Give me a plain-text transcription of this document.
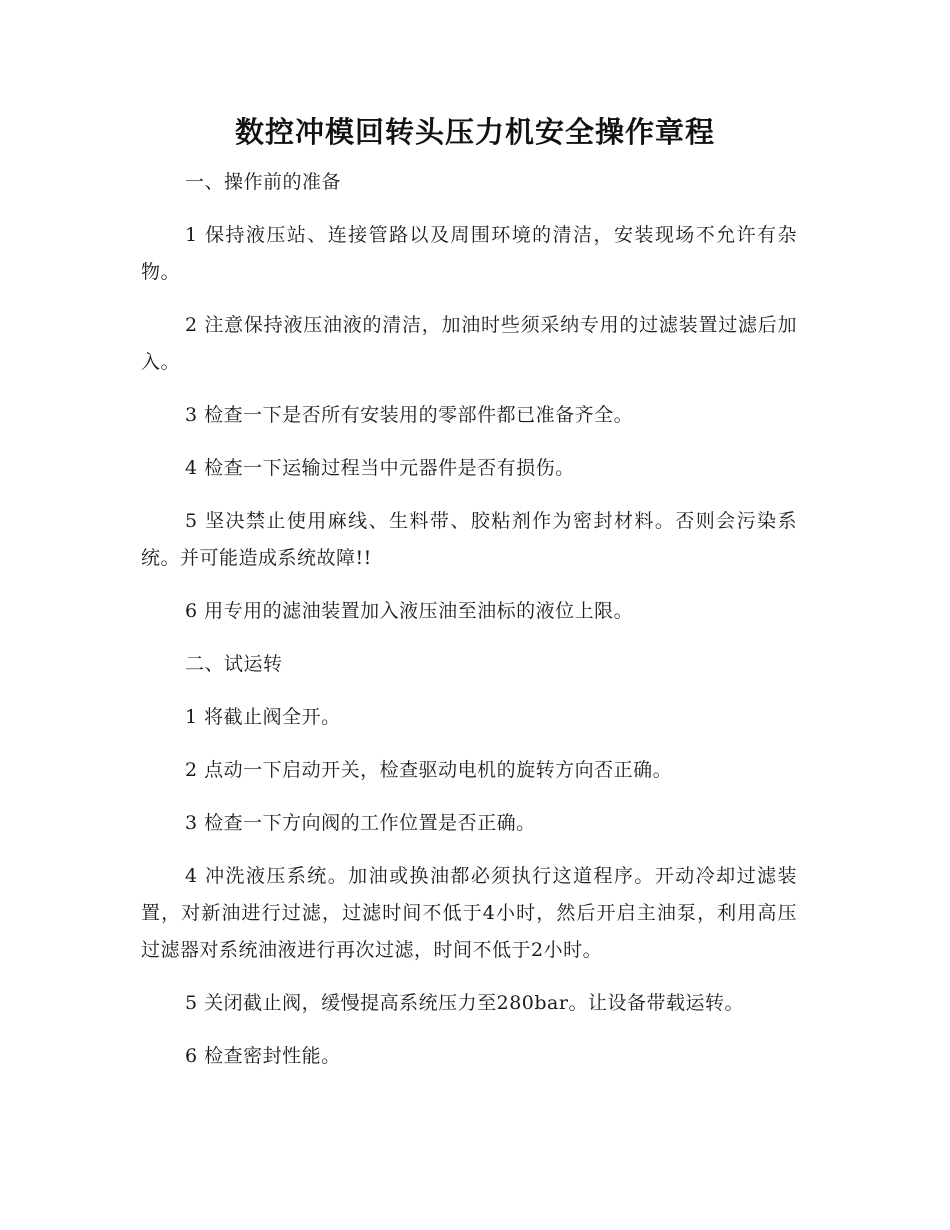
数控冲模回转头压力机安全操作章程

一、操作前的准备

1 保持液压站、连接管路以及周围环境的清洁，安装现场不允许有杂物。

2 注意保持液压油液的清洁，加油时些须采纳专用的过滤装置过滤后加入。

3 检查一下是否所有安装用的零部件都已准备齐全。

4 检查一下运输过程当中元器件是否有损伤。

5 坚决禁止使用麻线、生料带、胶粘剂作为密封材料。否则会污染系统。并可能造成系统故障!!

6 用专用的滤油装置加入液压油至油标的液位上限。

二、试运转

1 将截止阀全开。

2 点动一下启动开关，检查驱动电机的旋转方向否正确。

3 检查一下方向阀的工作位置是否正确。

4 冲洗液压系统。加油或换油都必须执行这道程序。开动冷却过滤装置，对新油进行过滤，过滤时间不低于4小时，然后开启主油泵，利用高压过滤器对系统油液进行再次过滤，时间不低于2小时。

5 关闭截止阀，缓慢提高系统压力至280bar。让设备带载运转。

6 检查密封性能。
